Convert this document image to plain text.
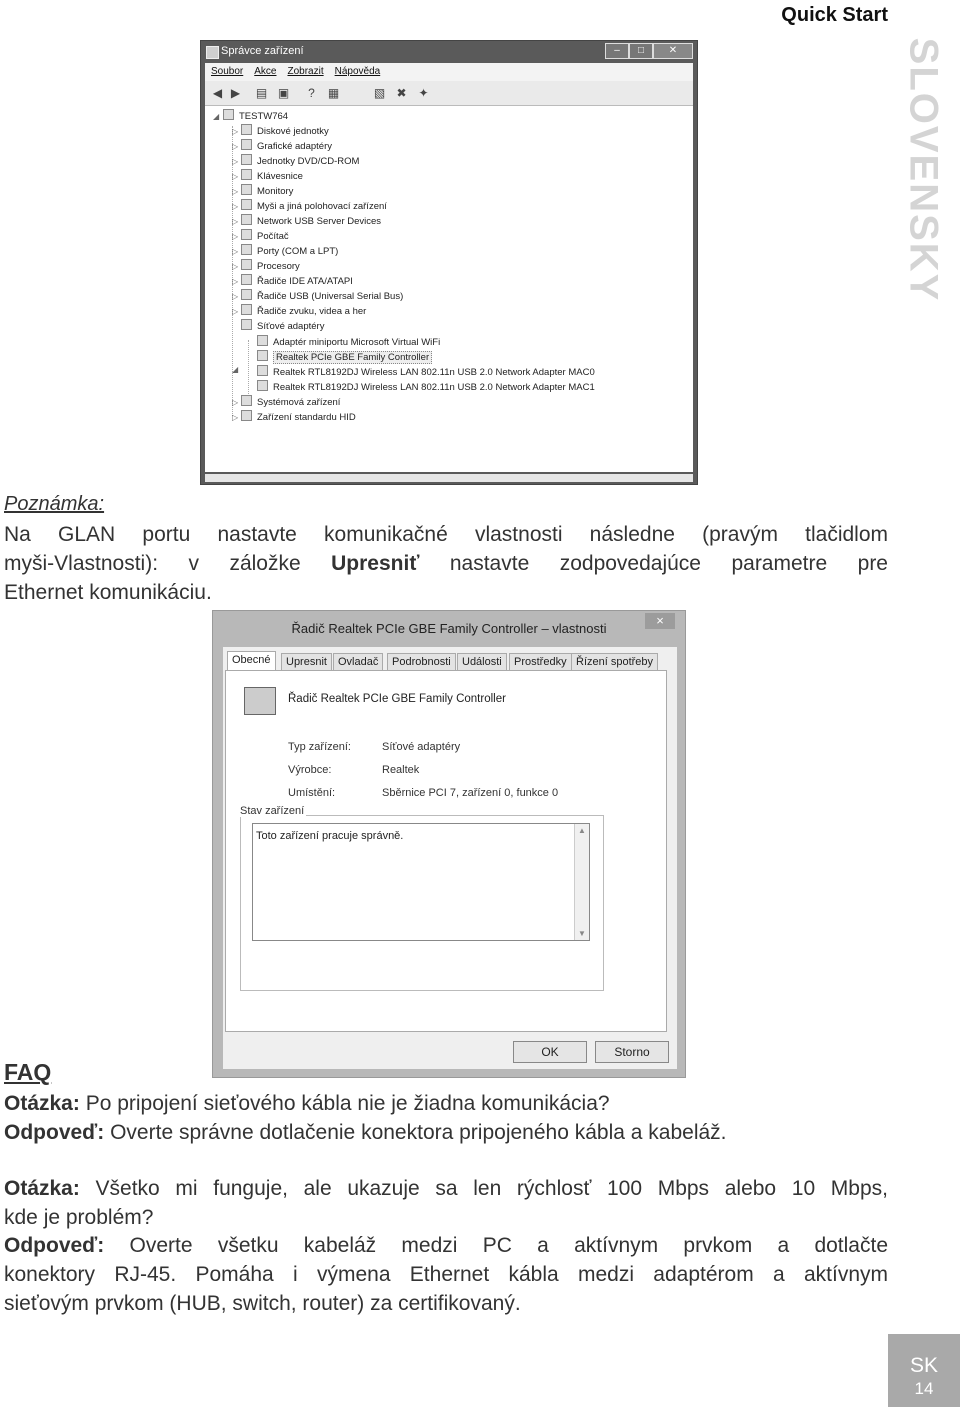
Quick Start
SLOVENSKY
Správce zařízení	–	□	✕
Soubor Akce Zobrazit Nápověda
◀ ▶ ▤ ▣ ? ▦	▧ ✖ ✦
◢	TESTW764
Diskové jednotky
▷
Grafické adaptéry
▷
Jednotky DVD/CD-ROM
▷
Klávesnice
▷
Monitory
▷
Myši a jiná polohovací zařízení
▷
Network USB Server Devices
▷
Počítač
▷
Porty (COM a LPT)
▷
Procesory
▷
Řadiče IDE ATA/ATAPI
▷
Řadiče USB (Universal Serial Bus)
▷
Řadiče zvuku, videa a her
▷
Síťové adaptéry
◢
Adaptér miniportu Microsoft Virtual WiFi
Realtek PCIe GBE Family Controller
Realtek RTL8192DJ Wireless LAN 802.11n USB 2.0 Network Adapter MAC0
Realtek RTL8192DJ Wireless LAN 802.11n USB 2.0 Network Adapter MAC1
Systémová zařízení
▷
Zařízení standardu HID
▷
Poznámka:
Na GLAN portu nastavte komunikačné vlastnosti následne (pravým tlačidlom
myši-Vlastnosti): v záložke Upresniť nastavte zodpovedajúce parametre pre
Ethernet komunikáciu.
Řadič Realtek PCIe GBE Family Controller – vlastnosti
×
Obecné	Upresnit	Ovladač	Podrobnosti	Události	Prostředky Řízení spotřeby
Řadič Realtek PCIe GBE Family Controller
Typ zařízení:	Síťové adaptéry
Výrobce:	Realtek
Umístění:	Sběrnice PCI 7, zařízení 0, funkce 0
Stav zařízení
Toto zařízení pracuje správně.	▲
▼
OK	Storno
FAQ
Otázka: Po pripojení sieťového kábla nie je žiadna komunikácia?
Odpoveď: Overte správne dotlačenie konektora pripojeného kábla a kabeláž.
Otázka: Všetko mi funguje, ale ukazuje sa len rýchlosť 100 Mbps alebo 10 Mbps,
kde je problém?
Odpoveď: Overte všetku kabeláž medzi PC a aktívnym prvkom a dotlačte
konektory RJ-45. Pomáha i výmena Ethernet kábla medzi adaptérom a aktívnym
sieťovým prvkom (HUB, switch, router) za certifikovaný.
SK
14
